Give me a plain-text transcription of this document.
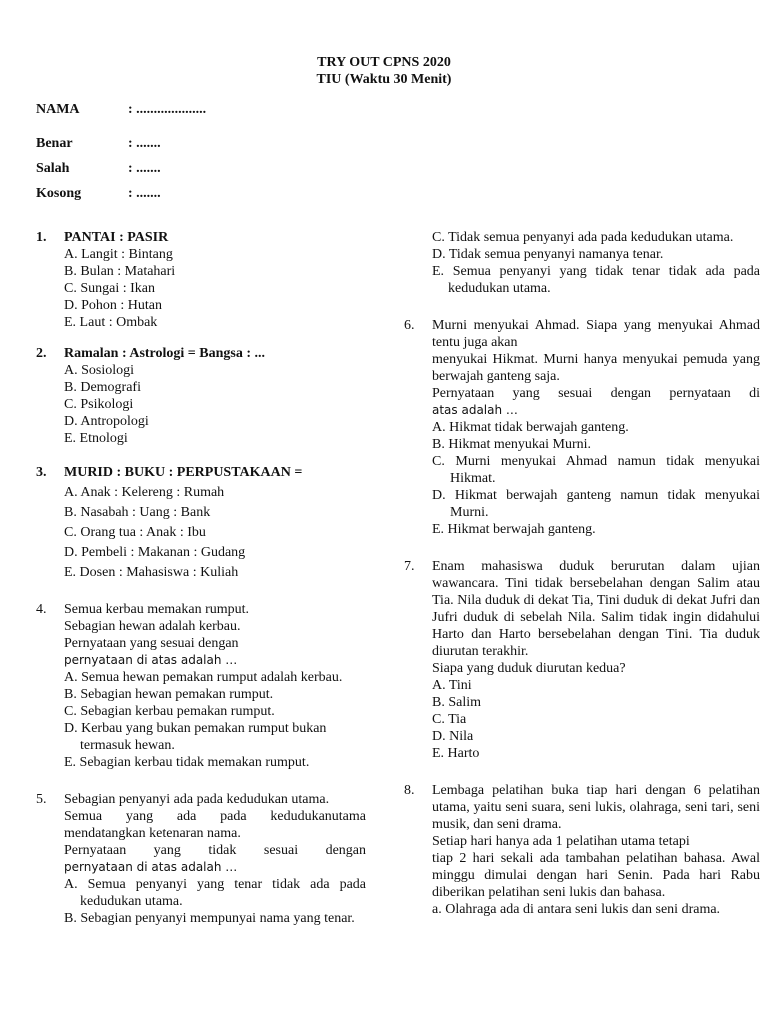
TRY OUT CPNS 2020
TIU (Waktu 30 Menit)
NAMA	: ....................
Benar	: .......
Salah	: .......
Kosong	: .......
1. PANTAI : PASIR
A. Langit : Bintang
B. Bulan : Matahari
C. Sungai : Ikan
D. Pohon : Hutan
E. Laut : Ombak
2. Ramalan : Astrologi = Bangsa : ...
A. Sosiologi
B. Demografi
C. Psikologi
D. Antropologi
E. Etnologi
3. MURID : BUKU : PERPUSTAKAAN =
A. Anak : Kelereng : Rumah
B. Nasabah : Uang : Bank
C. Orang tua : Anak : Ibu
D. Pembeli : Makanan : Gudang
E. Dosen : Mahasiswa : Kuliah
4. Semua kerbau memakan rumput.
Sebagian hewan adalah kerbau.
Pernyataan yang sesuai dengan
pernyataan di atas adalah …
A. Semua hewan pemakan rumput adalah kerbau.
B. Sebagian hewan pemakan rumput.
C. Sebagian kerbau pemakan rumput.
D. Kerbau yang bukan pemakan rumput bukan termasuk hewan.
E. Sebagian kerbau tidak memakan rumput.
5. Sebagian penyanyi ada pada kedudukan utama.
Semua yang ada pada kedudukanutama mendatangkan ketenaran nama.
Pernyataan yang tidak sesuai dengan
pernyataan di atas adalah …
A. Semua penyanyi yang tenar tidak ada pada kedudukan utama.
B. Sebagian penyanyi mempunyai nama yang tenar.
C. Tidak semua penyanyi ada pada kedudukan utama.
D. Tidak semua penyanyi namanya tenar.
E. Semua penyanyi yang tidak tenar tidak ada pada kedudukan utama.
6. Murni menyukai Ahmad. Siapa yang menyukai Ahmad tentu juga akan
menyukai Hikmat. Murni hanya menyukai pemuda yang berwajah ganteng saja.
Pernyataan yang sesuai dengan pernyataan di
atas adalah …
A. Hikmat tidak berwajah ganteng.
B. Hikmat menyukai Murni.
C. Murni menyukai Ahmad namun tidak menyukai Hikmat.
D. Hikmat berwajah ganteng namun tidak menyukai Murni.
E. Hikmat berwajah ganteng.
7. Enam mahasiswa duduk berurutan dalam ujian wawancara. Tini tidak bersebelahan dengan Salim atau Tia. Nila duduk di dekat Tia, Tini duduk di dekat Jufri dan Jufri duduk di sebelah Nila. Salim tidak ingin didahului Harto dan Harto bersebelahan dengan Tini. Tia duduk diurutan terakhir.
Siapa yang duduk diurutan kedua?
A. Tini
B. Salim
C. Tia
D. Nila
E. Harto
8. Lembaga pelatihan buka tiap hari dengan 6 pelatihan utama, yaitu seni suara, seni lukis, olahraga, seni tari, seni musik, dan seni drama.
Setiap hari hanya ada 1 pelatihan utama tetapi
tiap 2 hari sekali ada tambahan pelatihan bahasa. Awal minggu dimulai dengan hari Senin. Pada hari Rabu diberikan pelatihan seni lukis dan bahasa.
a. Olahraga ada di antara seni lukis dan seni drama.
